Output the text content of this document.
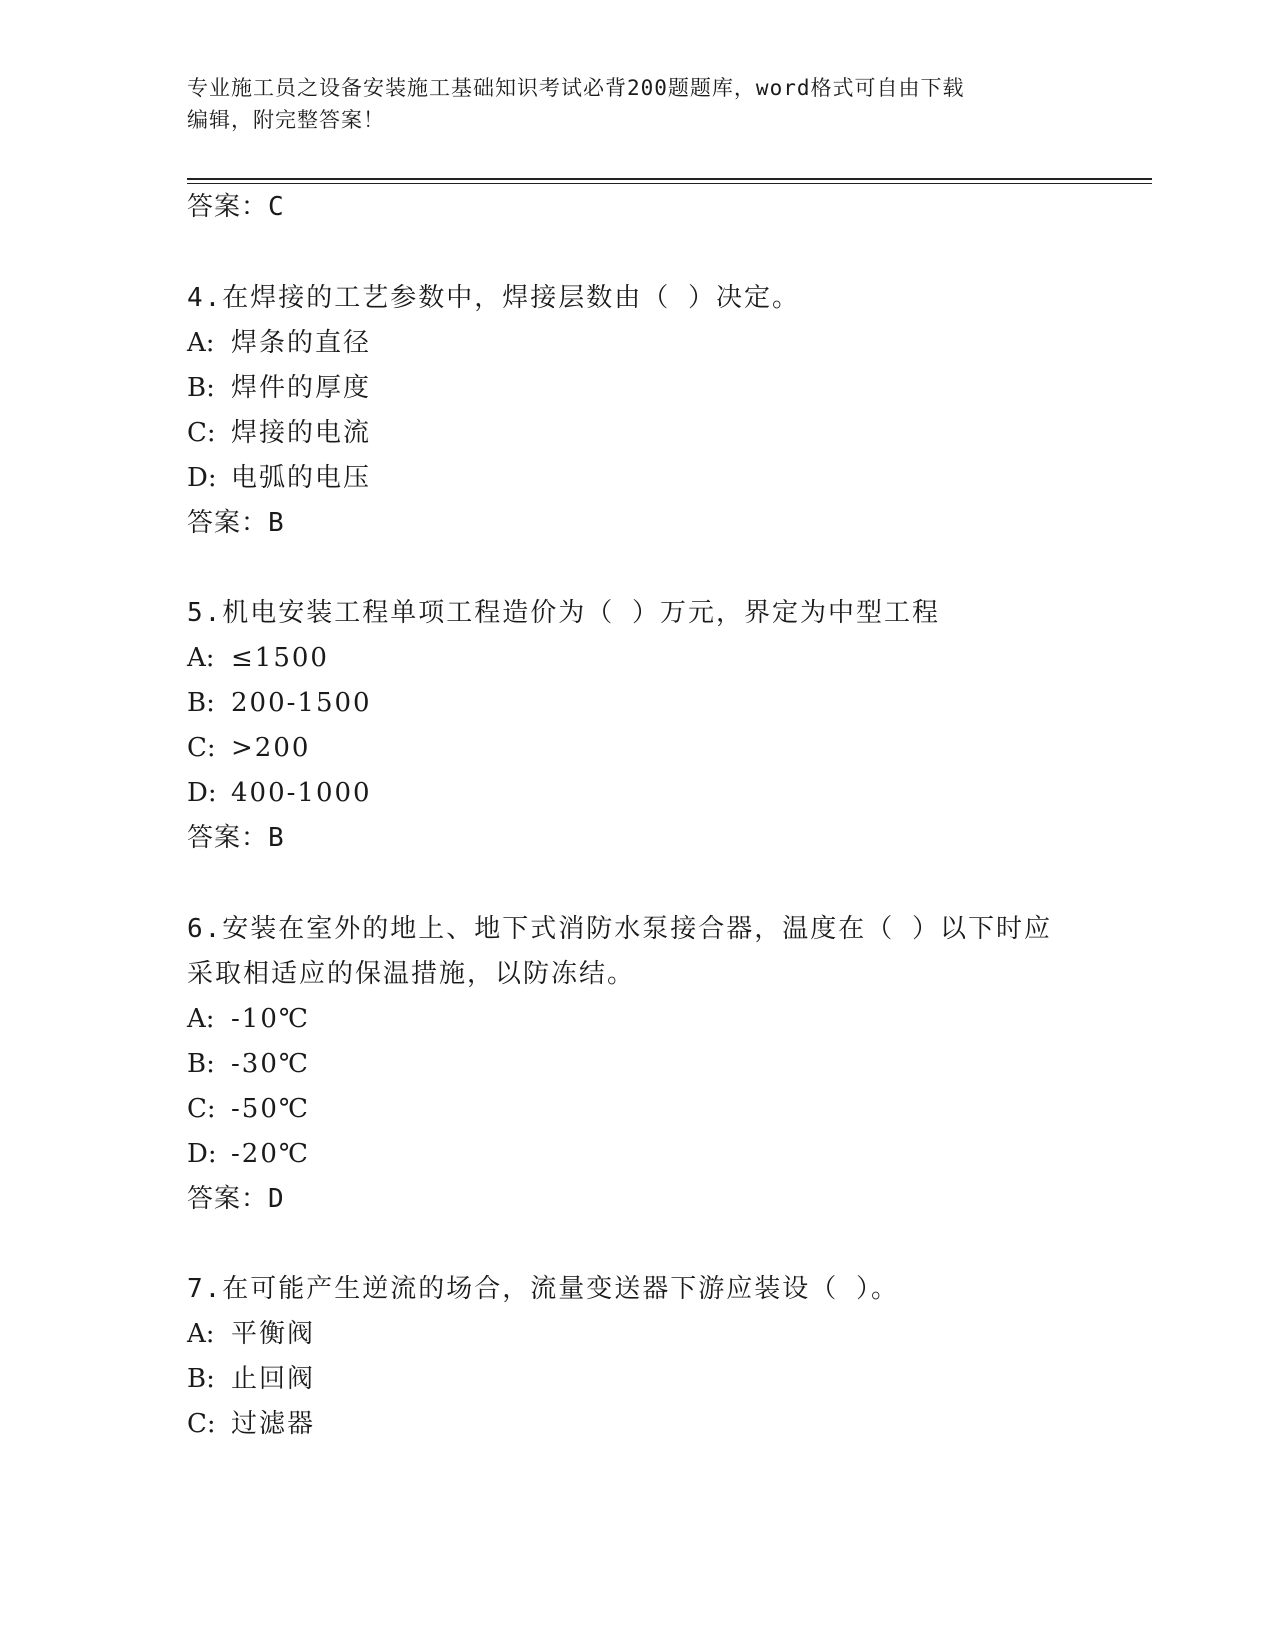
专业施工员之设备安装施工基础知识考试必背200题题库，word格式可自由下载
编辑，附完整答案！
答案：C
4.在焊接的工艺参数中，焊接层数由（ ）决定。
A: 焊条的直径
B: 焊件的厚度
C: 焊接的电流
D: 电弧的电压
答案：B
5.机电安装工程单项工程造价为（ ）万元，界定为中型工程
A: ≤1500
B: 200-1500
C: >200
D: 400-1000
答案：B
6.安装在室外的地上、地下式消防水泵接合器，温度在（ ）以下时应
采取相适应的保温措施，以防冻结。
A: -10℃
B: -30℃
C: -50℃
D: -20℃
答案：D
7.在可能产生逆流的场合，流量变送器下游应装设（ ）。
A: 平衡阀
B: 止回阀
C: 过滤器
